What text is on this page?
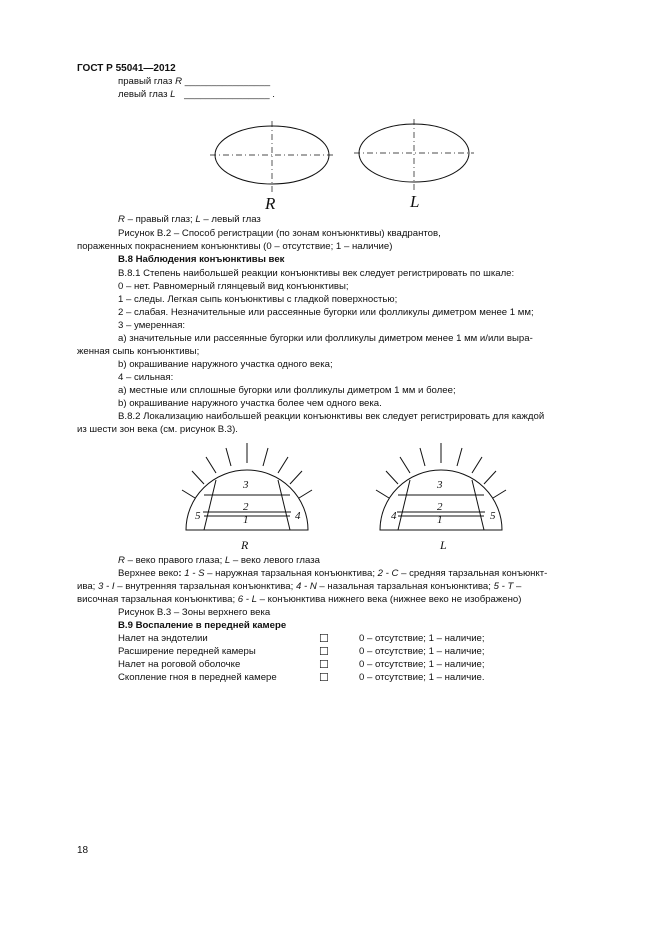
ГОСТ Р 55041—2012
правый глаз R ________________
левый глаз L ________________ .
R	L
R – правый глаз; L – левый глаз
Рисунок В.2 – Способ регистрации (по зонам конъюнктивы) квадрантов,
пораженных покраснением конъюнктивы (0 – отсутствие; 1 – наличие)
В.8 Наблюдения конъюнктивы век
В.8.1 Степень наибольшей реакции конъюнктивы век следует регистрировать по шкале:
0 – нет. Равномерный глянцевый вид конъюнктивы;
1 – следы. Легкая сыпь конъюнктивы с гладкой поверхностью;
2 – слабая. Незначительные или рассеянные бугорки или фолликулы диметром менее 1 мм;
3 – умеренная:
а) значительные или рассеянные бугорки или фолликулы диметром менее 1 мм и/или выра-
женная сыпь конъюнктивы;
b) окрашивание наружного участка одного века;
4 – сильная:
а) местные или сплошные бугорки или фолликулы диметром 1 мм и более;
b) окрашивание наружного участка более чем одного века.
В.8.2 Локализацию наибольшей реакции конъюнктивы век следует регистрировать для каждой
из шести зон века (см. рисунок В.3).
3
2
1
5	4
R
3
2
1
4	5
L
R – веко правого глаза; L – веко левого глаза
Верхнее веко: 1 - S – наружная тарзальная конъюнктива; 2 - C – средняя тарзальная конъюнкт-
ива; 3 - I – внутренняя тарзальная конъюнктива; 4 - N – назальная тарзальная конъюнктива; 5 - T –
височная тарзальная конъюнктива; 6 - L – конъюнктива нижнего века (нижнее веко не изображено)
Рисунок В.3 – Зоны верхнего века
В.9 Воспаление в передней камере
Налет на эндотелии	☐	0 – отсутствие; 1 – наличие;
Расширение передней камеры	☐	0 – отсутствие; 1 – наличие;
Налет на роговой оболочке	☐	0 – отсутствие; 1 – наличие;
Скопление гноя в передней камере	☐	0 – отсутствие; 1 – наличие.
18
